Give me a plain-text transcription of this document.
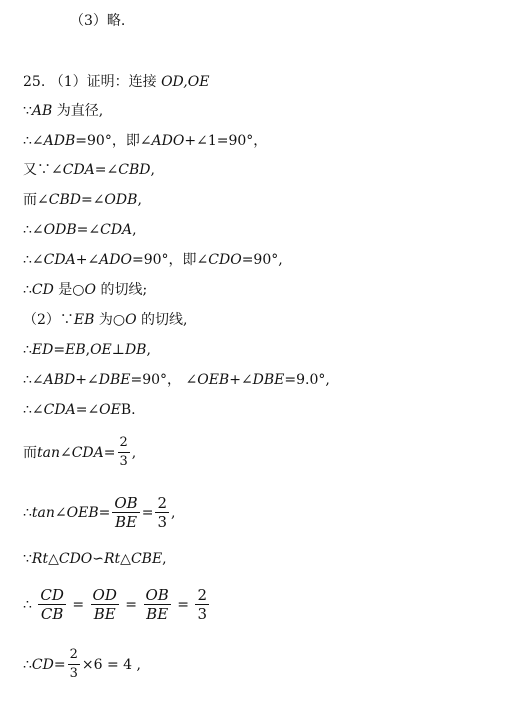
（3）略.
25. （1）证明：连接 OD,OE
∵AB 为直径,
∴∠ADB=90°，即∠ADO+∠1=90°，
又∵∠CDA=∠CBD,
而∠CBD=∠ODB,
∴∠ODB=∠CDA,
∴∠CDA+∠ADO=90°，即∠CDO=90°,
∴CD 是○O 的切线;
（2）∵EB 为○O 的切线,
∴ED=EB,OE⊥DB,
∴∠ABD+∠DBE=90°， ∠OEB+∠DBE=9.0°,
∴∠CDA=∠OEB.
而tan∠CDA= $\frac{2}{3}$ ,
∴tan∠OEB= $\frac{OB}{BE} = \frac{2}{3}$ ,
∵Rt△CDO∽Rt△CBE,
∴ $\frac{CD}{CB} = \frac{OD}{BE} = \frac{OB}{BE} = \frac{2}{3}$
∴CD= $\frac{2}{3} \times 6 = 4$ ,
